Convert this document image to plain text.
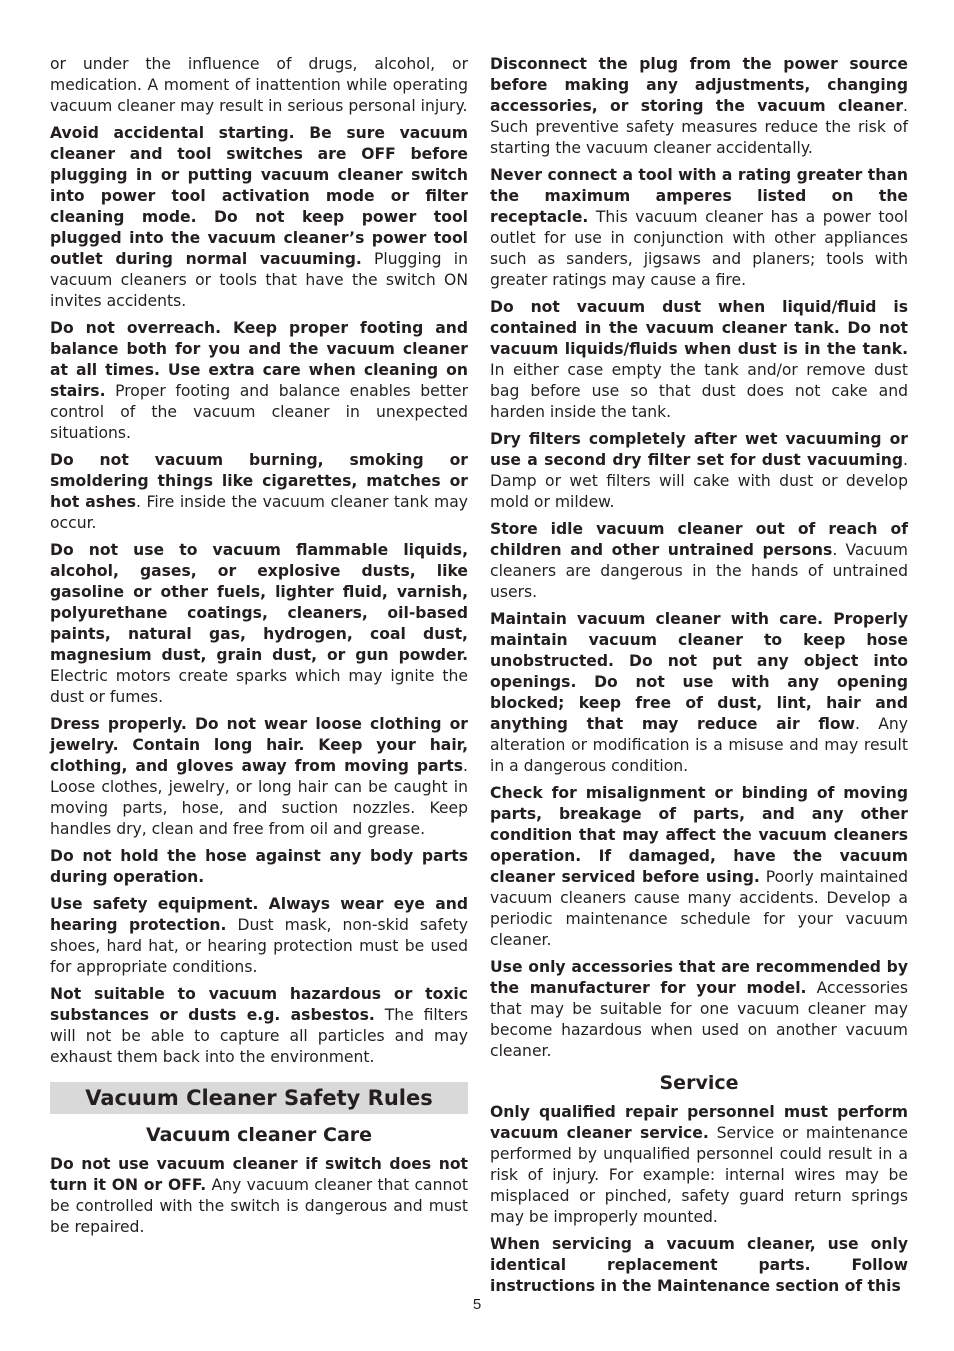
or under the influence of drugs, alcohol, or medication. A moment of inattention while operating vacuum cleaner may result in serious personal injury.

Avoid accidental starting. Be sure vacuum cleaner and tool switches are OFF before plugging in or putting vacuum cleaner switch into power tool activation mode or filter cleaning mode. Do not keep power tool plugged into the vacuum cleaner’s power tool outlet during normal vacuuming. Plugging in vacuum cleaners or tools that have the switch ON invites accidents.

Do not overreach. Keep proper footing and balance both for you and the vacuum cleaner at all times. Use extra care when cleaning on stairs. Proper footing and balance enables better control of the vacuum cleaner in unexpected situations.

Do not vacuum burning, smoking or smoldering things like cigarettes, matches or hot ashes. Fire inside the vacuum cleaner tank may occur.

Do not use to vacuum flammable liquids, alcohol, gases, or explosive dusts, like gasoline or other fuels, lighter fluid, varnish, polyurethane coatings, cleaners, oil-based paints, natural gas, hydrogen, coal dust, magnesium dust, grain dust, or gun powder. Electric motors create sparks which may ignite the dust or fumes.

Dress properly. Do not wear loose clothing or jewelry. Contain long hair. Keep your hair, clothing, and gloves away from moving parts. Loose clothes, jewelry, or long hair can be caught in moving parts, hose, and suction nozzles. Keep handles dry, clean and free from oil and grease.

Do not hold the hose against any body parts during operation.

Use safety equipment. Always wear eye and hearing protection. Dust mask, non-skid safety shoes, hard hat, or hearing protection must be used for appropriate conditions.

Not suitable to vacuum hazardous or toxic substances or dusts e.g. asbestos. The filters will not be able to capture all particles and may exhaust them back into the environment.

Vacuum Cleaner Safety Rules
Vacuum cleaner Care

Do not use vacuum cleaner if switch does not turn it ON or OFF. Any vacuum cleaner that cannot be controlled with the switch is dangerous and must be repaired.

Disconnect the plug from the power source before making any adjustments, changing accessories, or storing the vacuum cleaner. Such preventive safety measures reduce the risk of starting the vacuum cleaner accidentally.

Never connect a tool with a rating greater than the maximum amperes listed on the receptacle. This vacuum cleaner has a power tool outlet for use in conjunction with other appliances such as sanders, jigsaws and planers; tools with greater ratings may cause a fire.

Do not vacuum dust when liquid/fluid is contained in the vacuum cleaner tank. Do not vacuum liquids/fluids when dust is in the tank. In either case empty the tank and/or remove dust bag before use so that dust does not cake and harden inside the tank.

Dry filters completely after wet vacuuming or use a second dry filter set for dust vacuuming. Damp or wet filters will cake with dust or develop mold or mildew.

Store idle vacuum cleaner out of reach of children and other untrained persons. Vacuum cleaners are dangerous in the hands of untrained users.

Maintain vacuum cleaner with care. Properly maintain vacuum cleaner to keep hose unobstructed. Do not put any object into openings. Do not use with any opening blocked; keep free of dust, lint, hair and anything that may reduce air flow. Any alteration or modification is a misuse and may result in a dangerous condition.

Check for misalignment or binding of moving parts, breakage of parts, and any other condition that may affect the vacuum cleaners operation. If damaged, have the vacuum cleaner serviced before using. Poorly maintained vacuum cleaners cause many accidents. Develop a periodic maintenance schedule for your vacuum cleaner.

Use only accessories that are recommended by the manufacturer for your model. Accessories that may be suitable for one vacuum cleaner may become hazardous when used on another vacuum cleaner.

Service

Only qualified repair personnel must perform vacuum cleaner service. Service or maintenance performed by unqualified personnel could result in a risk of injury. For example: internal wires may be misplaced or pinched, safety guard return springs may be improperly mounted.

When servicing a vacuum cleaner, use only identical replacement parts. Follow instructions in the Maintenance section of this

5
